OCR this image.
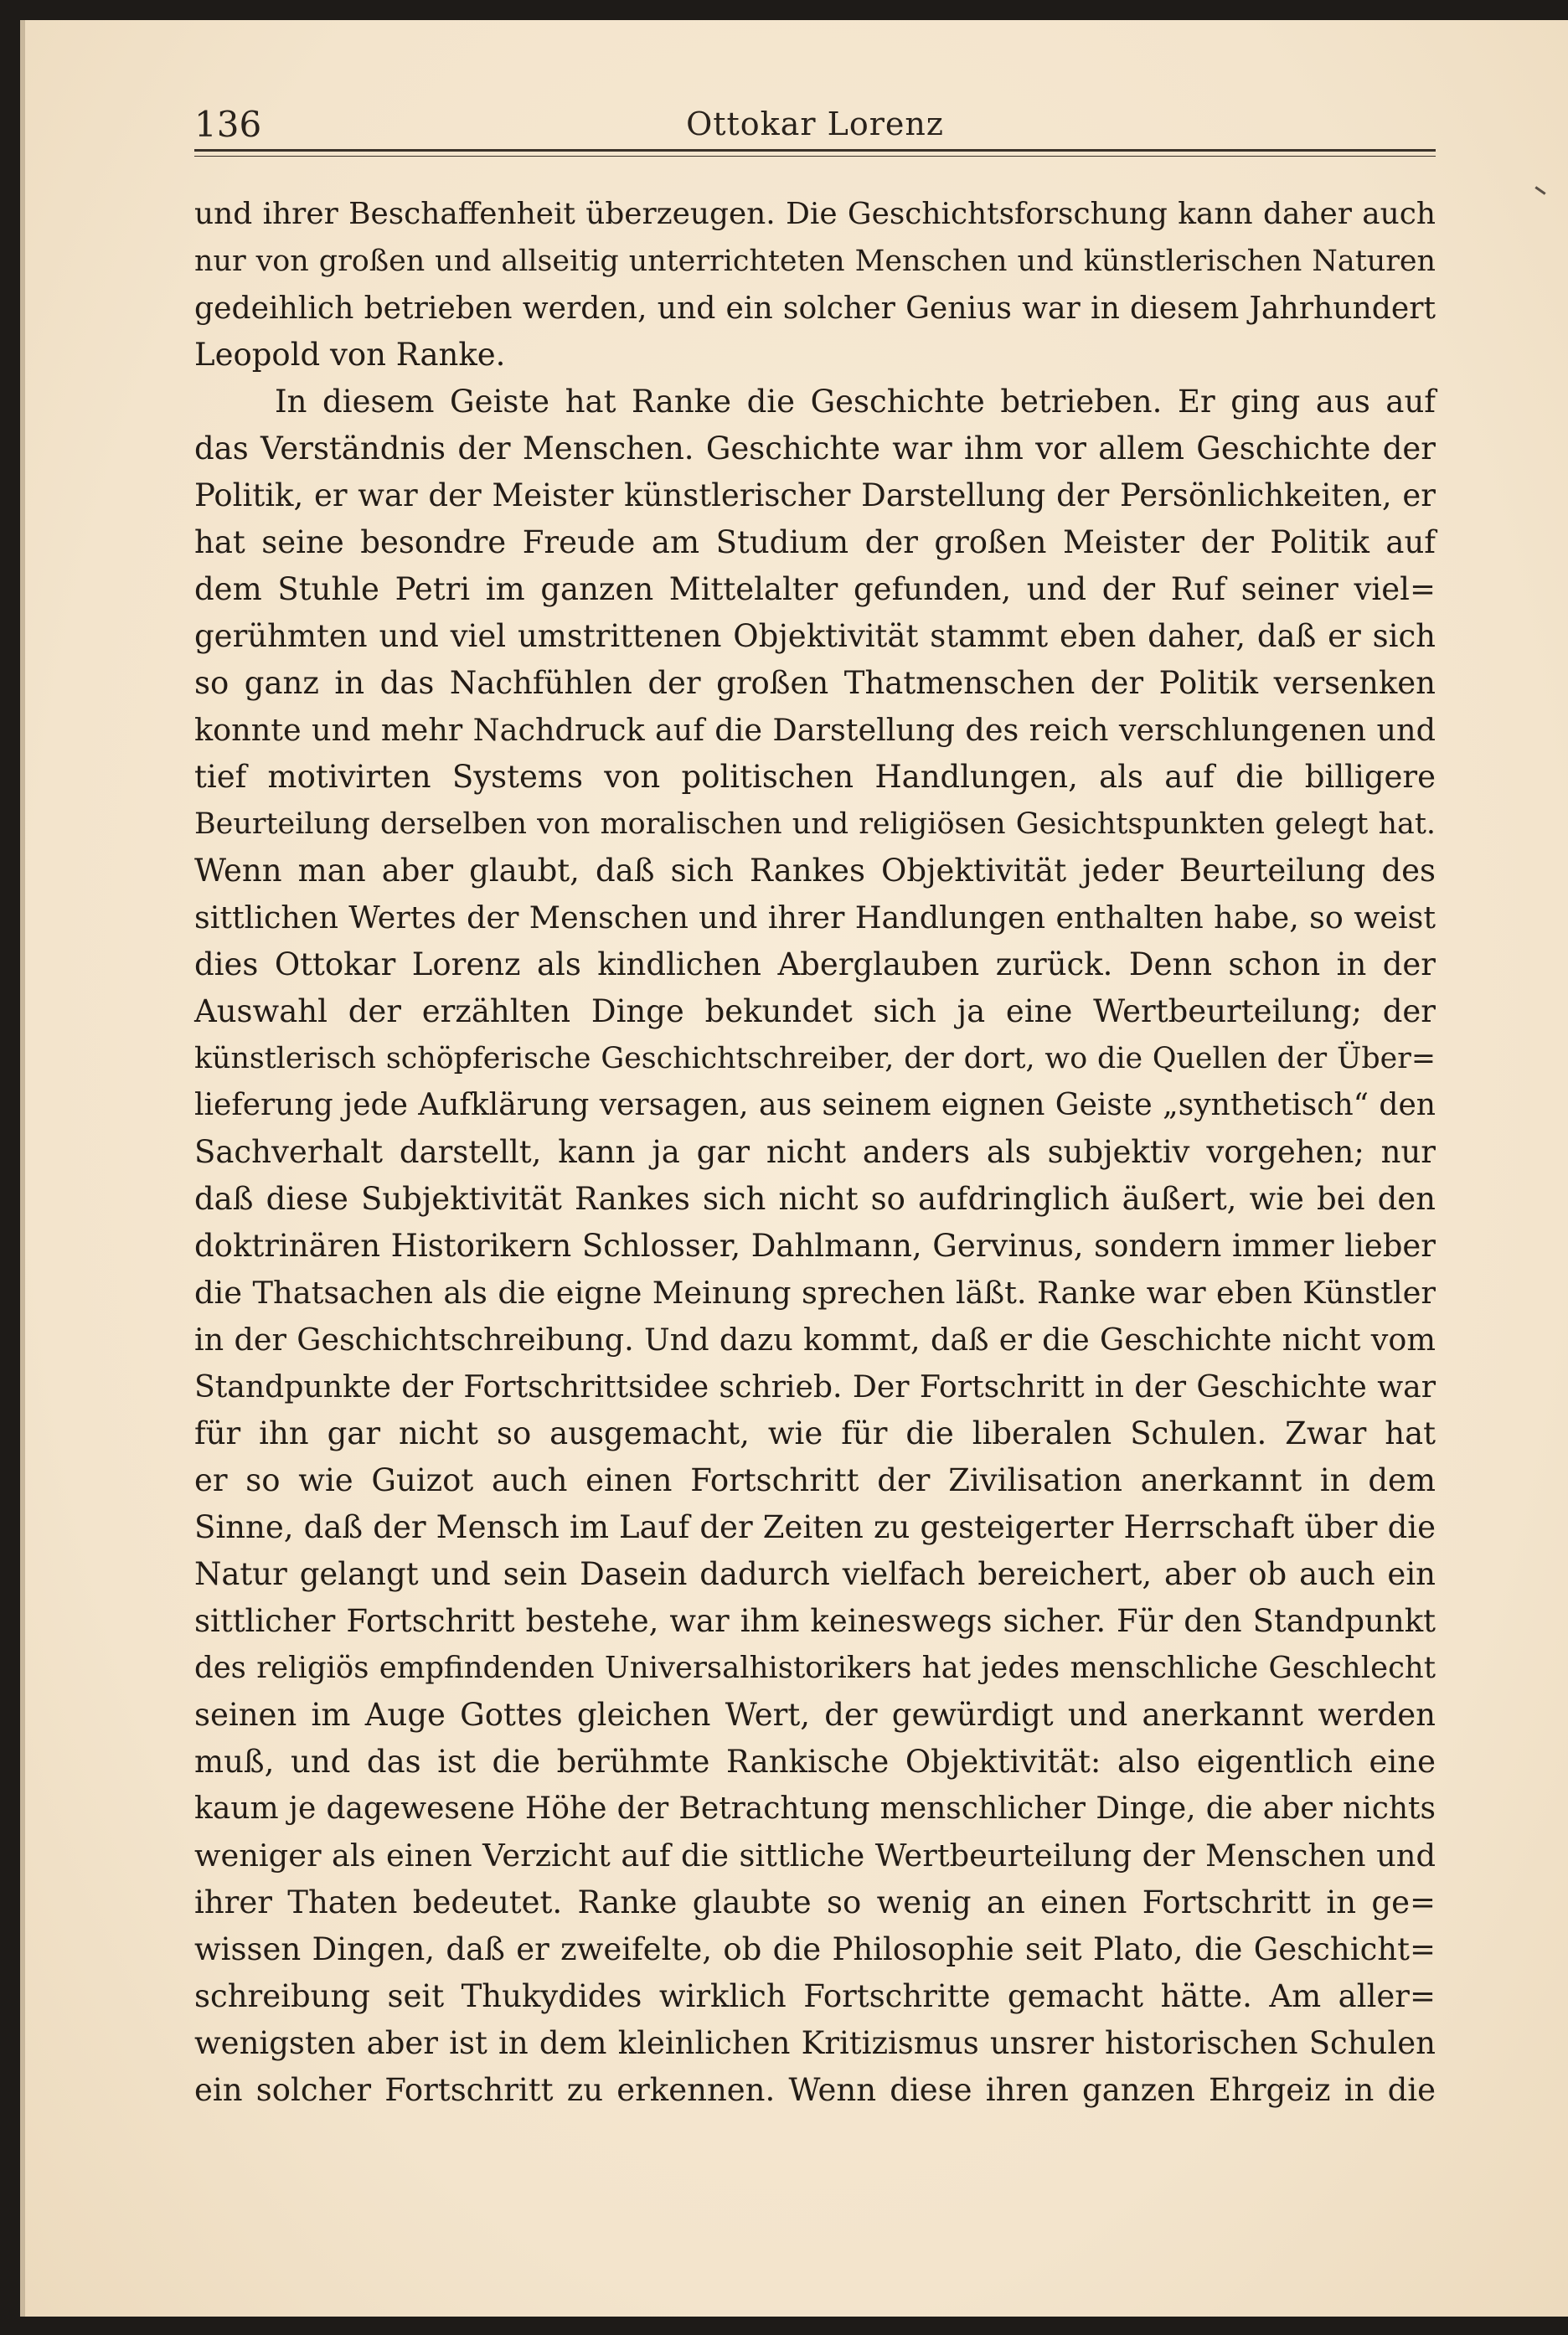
136	Ottokar Lorenz
und ihrer Beschaffenheit überzeugen. Die Geschichtsforschung kann daher auch
nur von großen und allseitig unterrichteten Menschen und künstlerischen Naturen
gedeihlich betrieben werden, und ein solcher Genius war in diesem Jahrhundert
Leopold von Ranke.
In diesem Geiste hat Ranke die Geschichte betrieben. Er ging aus auf
das Verständnis der Menschen. Geschichte war ihm vor allem Geschichte der
Politik, er war der Meister künstlerischer Darstellung der Persönlichkeiten, er
hat seine besondre Freude am Studium der großen Meister der Politik auf
dem Stuhle Petri im ganzen Mittelalter gefunden, und der Ruf seiner viel=
gerühmten und viel umstrittenen Objektivität stammt eben daher, daß er sich
so ganz in das Nachfühlen der großen Thatmenschen der Politik versenken
konnte und mehr Nachdruck auf die Darstellung des reich verschlungenen und
tief motivirten Systems von politischen Handlungen, als auf die billigere
Beurteilung derselben von moralischen und religiösen Gesichtspunkten gelegt hat.
Wenn man aber glaubt, daß sich Rankes Objektivität jeder Beurteilung des
sittlichen Wertes der Menschen und ihrer Handlungen enthalten habe, so weist
dies Ottokar Lorenz als kindlichen Aberglauben zurück. Denn schon in der
Auswahl der erzählten Dinge bekundet sich ja eine Wertbeurteilung; der
künstlerisch schöpferische Geschichtschreiber, der dort, wo die Quellen der Über=
lieferung jede Aufklärung versagen, aus seinem eignen Geiste „synthetisch“ den
Sachverhalt darstellt, kann ja gar nicht anders als subjektiv vorgehen; nur
daß diese Subjektivität Rankes sich nicht so aufdringlich äußert, wie bei den
doktrinären Historikern Schlosser, Dahlmann, Gervinus, sondern immer lieber
die Thatsachen als die eigne Meinung sprechen läßt. Ranke war eben Künstler
in der Geschichtschreibung. Und dazu kommt, daß er die Geschichte nicht vom
Standpunkte der Fortschrittsidee schrieb. Der Fortschritt in der Geschichte war
für ihn gar nicht so ausgemacht, wie für die liberalen Schulen. Zwar hat
er so wie Guizot auch einen Fortschritt der Zivilisation anerkannt in dem
Sinne, daß der Mensch im Lauf der Zeiten zu gesteigerter Herrschaft über die
Natur gelangt und sein Dasein dadurch vielfach bereichert, aber ob auch ein
sittlicher Fortschritt bestehe, war ihm keineswegs sicher. Für den Standpunkt
des religiös empfindenden Universalhistorikers hat jedes menschliche Geschlecht
seinen im Auge Gottes gleichen Wert, der gewürdigt und anerkannt werden
muß, und das ist die berühmte Rankische Objektivität: also eigentlich eine
kaum je dagewesene Höhe der Betrachtung menschlicher Dinge, die aber nichts
weniger als einen Verzicht auf die sittliche Wertbeurteilung der Menschen und
ihrer Thaten bedeutet. Ranke glaubte so wenig an einen Fortschritt in ge=
wissen Dingen, daß er zweifelte, ob die Philosophie seit Plato, die Geschicht=
schreibung seit Thukydides wirklich Fortschritte gemacht hätte. Am aller=
wenigsten aber ist in dem kleinlichen Kritizismus unsrer historischen Schulen
ein solcher Fortschritt zu erkennen. Wenn diese ihren ganzen Ehrgeiz in die
